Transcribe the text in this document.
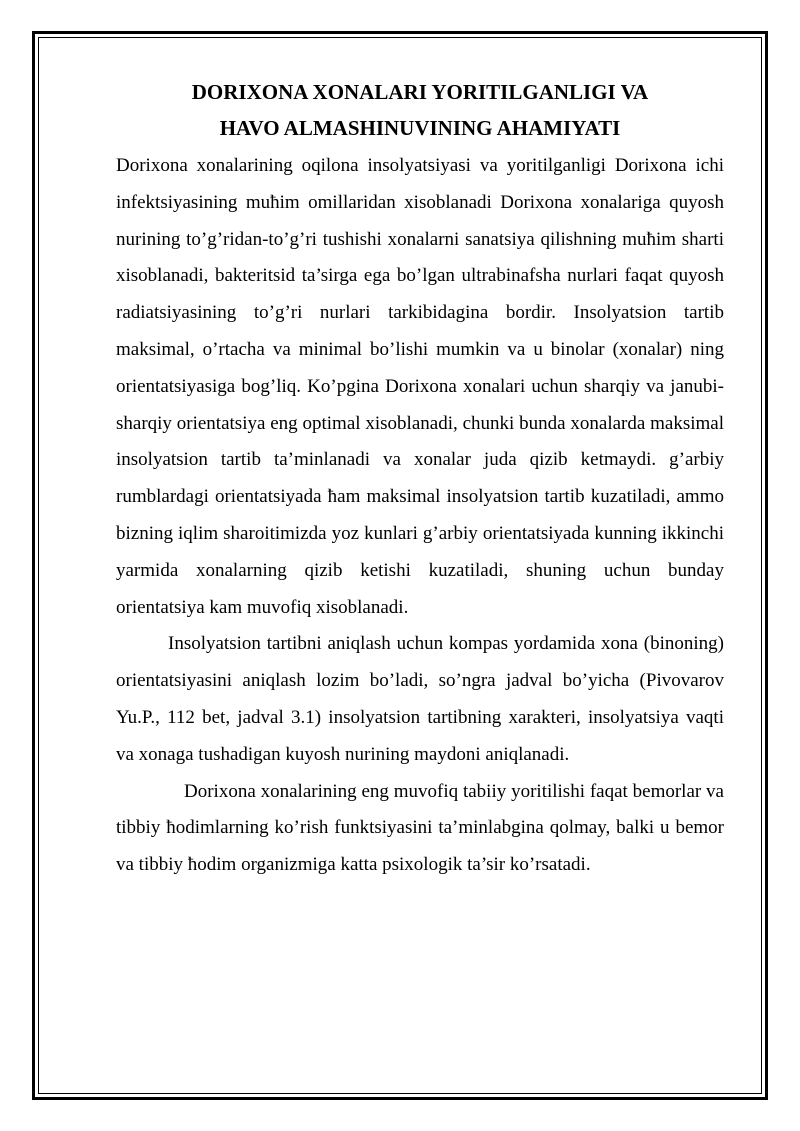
DORIXONA XONALARI YORITILGANLIGI VA
HAVO ALMASHINUVINING AHAMIYATI

Dorixona xonalarining oqilona insolyatsiyasi va yoritilganligi Dorixona ichi infektsiyasining muħim omillaridan xisoblanadi Dorixona xonalariga quyosh nurining to’g’ridan-to’g’ri tushishi xonalarni sanatsiya qilishning muħim sharti xisoblanadi, bakteritsid ta’sirga ega bo’lgan ultrabinafsha nurlari faqat quyosh radiatsiyasining to’g’ri nurlari tarkibidagina bordir. Insolyatsion tartib maksimal, o’rtacha va minimal bo’lishi mumkin va u binolar (xonalar) ning orientatsiyasiga bog’liq. Ko’pgina Dorixona xonalari uchun sharqiy va janubi-sharqiy orientatsiya eng optimal xisoblanadi, chunki bunda xonalarda maksimal insolyatsion tartib ta’minlanadi va xonalar juda qizib ketmaydi. g’arbiy rumblardagi orientatsiyada ħam maksimal insolyatsion tartib kuzatiladi, ammo bizning iqlim sharoitimizda yoz kunlari g’arbiy orientatsiyada kunning ikkinchi yarmida xonalarning qizib ketishi kuzatiladi, shuning uchun bunday orientatsiya kam muvofiq xisoblanadi.

Insolyatsion tartibni aniqlash uchun kompas yordamida xona (binoning) orientatsiyasini aniqlash lozim bo’ladi, so’ngra jadval bo’yicha (Pivovarov Yu.P., 112 bet, jadval 3.1) insolyatsion tartibning xarakteri, insolyatsiya vaqti va xonaga tushadigan kuyosh nurining maydoni aniqlanadi.

Dorixona xonalarining eng muvofiq tabiiy yoritilishi faqat bemorlar va tibbiy ħodimlarning ko’rish funktsiyasini ta’minlabgina qolmay, balki u bemor va tibbiy ħodim organizmiga katta psixologik ta’sir ko’rsatadi.
